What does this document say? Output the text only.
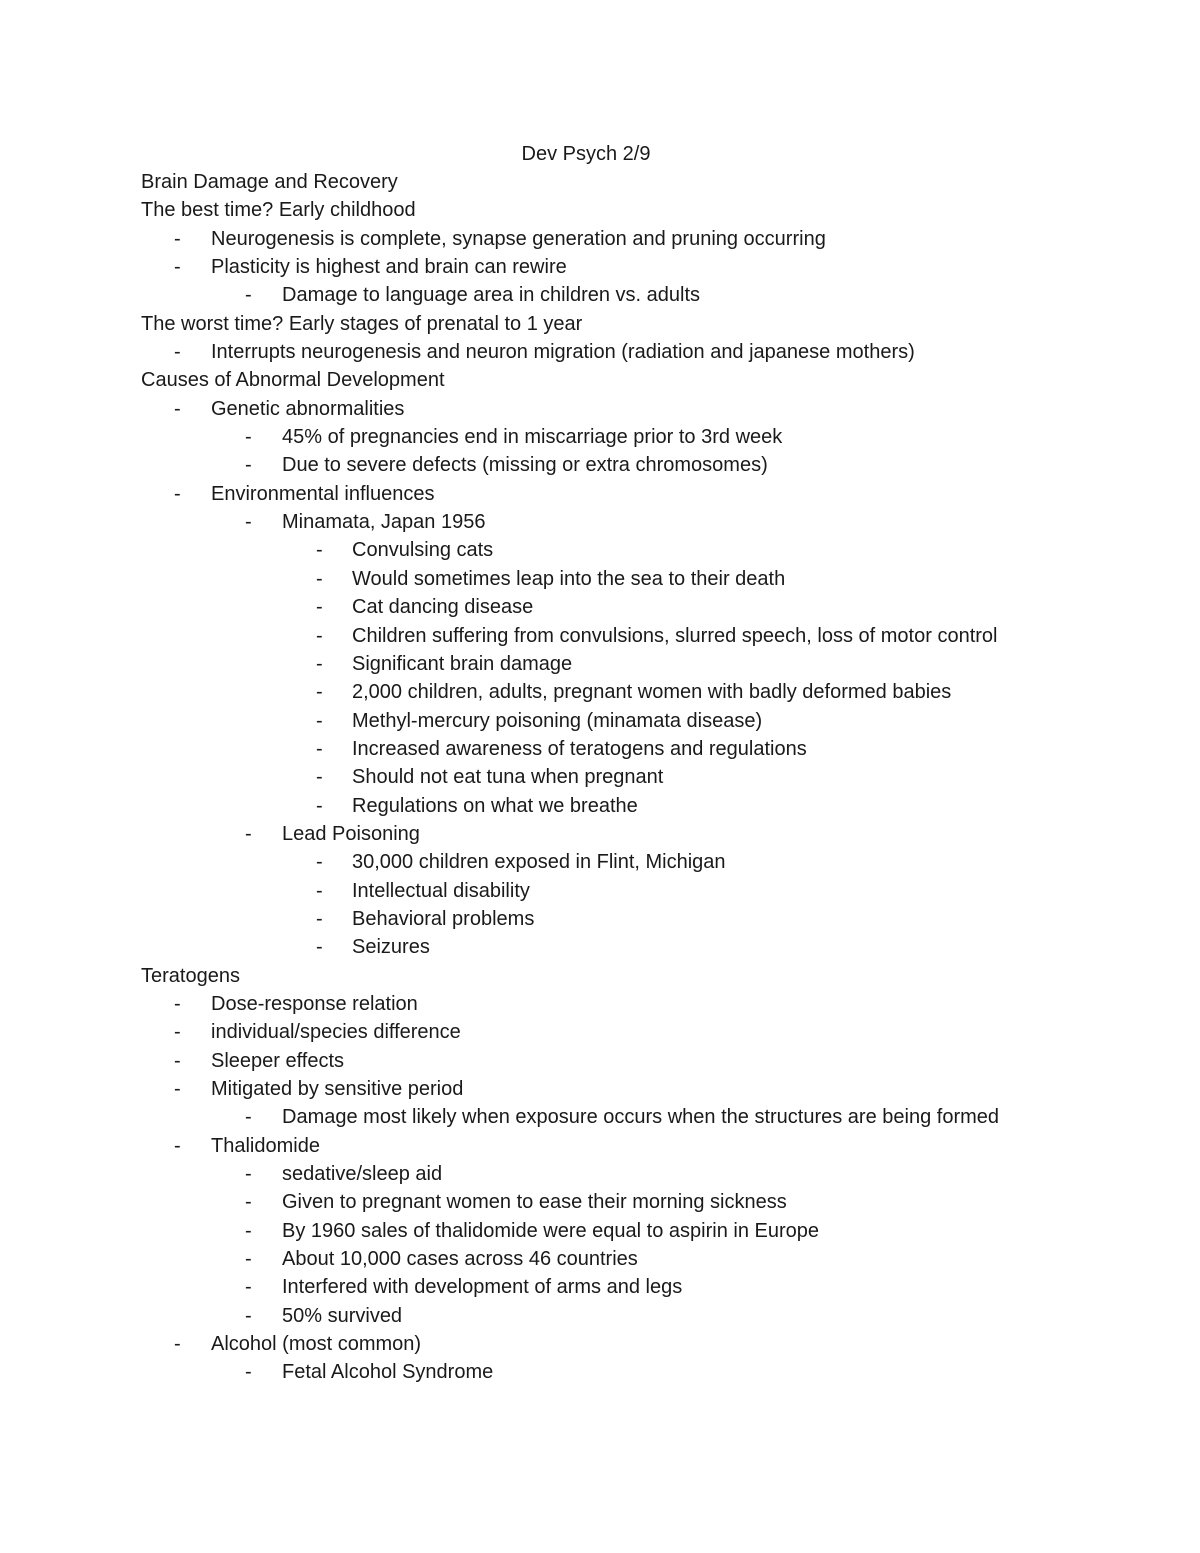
Dev Psych 2/9
Brain Damage and Recovery
The best time? Early childhood
- Neurogenesis is complete, synapse generation and pruning occurring
- Plasticity is highest and brain can rewire
- Damage to language area in children vs. adults
The worst time? Early stages of prenatal to 1 year
- Interrupts neurogenesis and neuron migration (radiation and japanese mothers)
Causes of Abnormal Development
- Genetic abnormalities
- 45% of pregnancies end in miscarriage prior to 3rd week
- Due to severe defects (missing or extra chromosomes)
- Environmental influences
- Minamata, Japan 1956
- Convulsing cats
- Would sometimes leap into the sea to their death
- Cat dancing disease
- Children suffering from convulsions, slurred speech, loss of motor control
- Significant brain damage
- 2,000 children, adults, pregnant women with badly deformed babies
- Methyl-mercury poisoning (minamata disease)
- Increased awareness of teratogens and regulations
- Should not eat tuna when pregnant
- Regulations on what we breathe
- Lead Poisoning
- 30,000 children exposed in Flint, Michigan
- Intellectual disability
- Behavioral problems
- Seizures
Teratogens
- Dose-response relation
- individual/species difference
- Sleeper effects
- Mitigated by sensitive period
- Damage most likely when exposure occurs when the structures are being formed
- Thalidomide
- sedative/sleep aid
- Given to pregnant women to ease their morning sickness
- By 1960 sales of thalidomide were equal to aspirin in Europe
- About 10,000 cases across 46 countries
- Interfered with development of arms and legs
- 50% survived
- Alcohol (most common)
- Fetal Alcohol Syndrome
